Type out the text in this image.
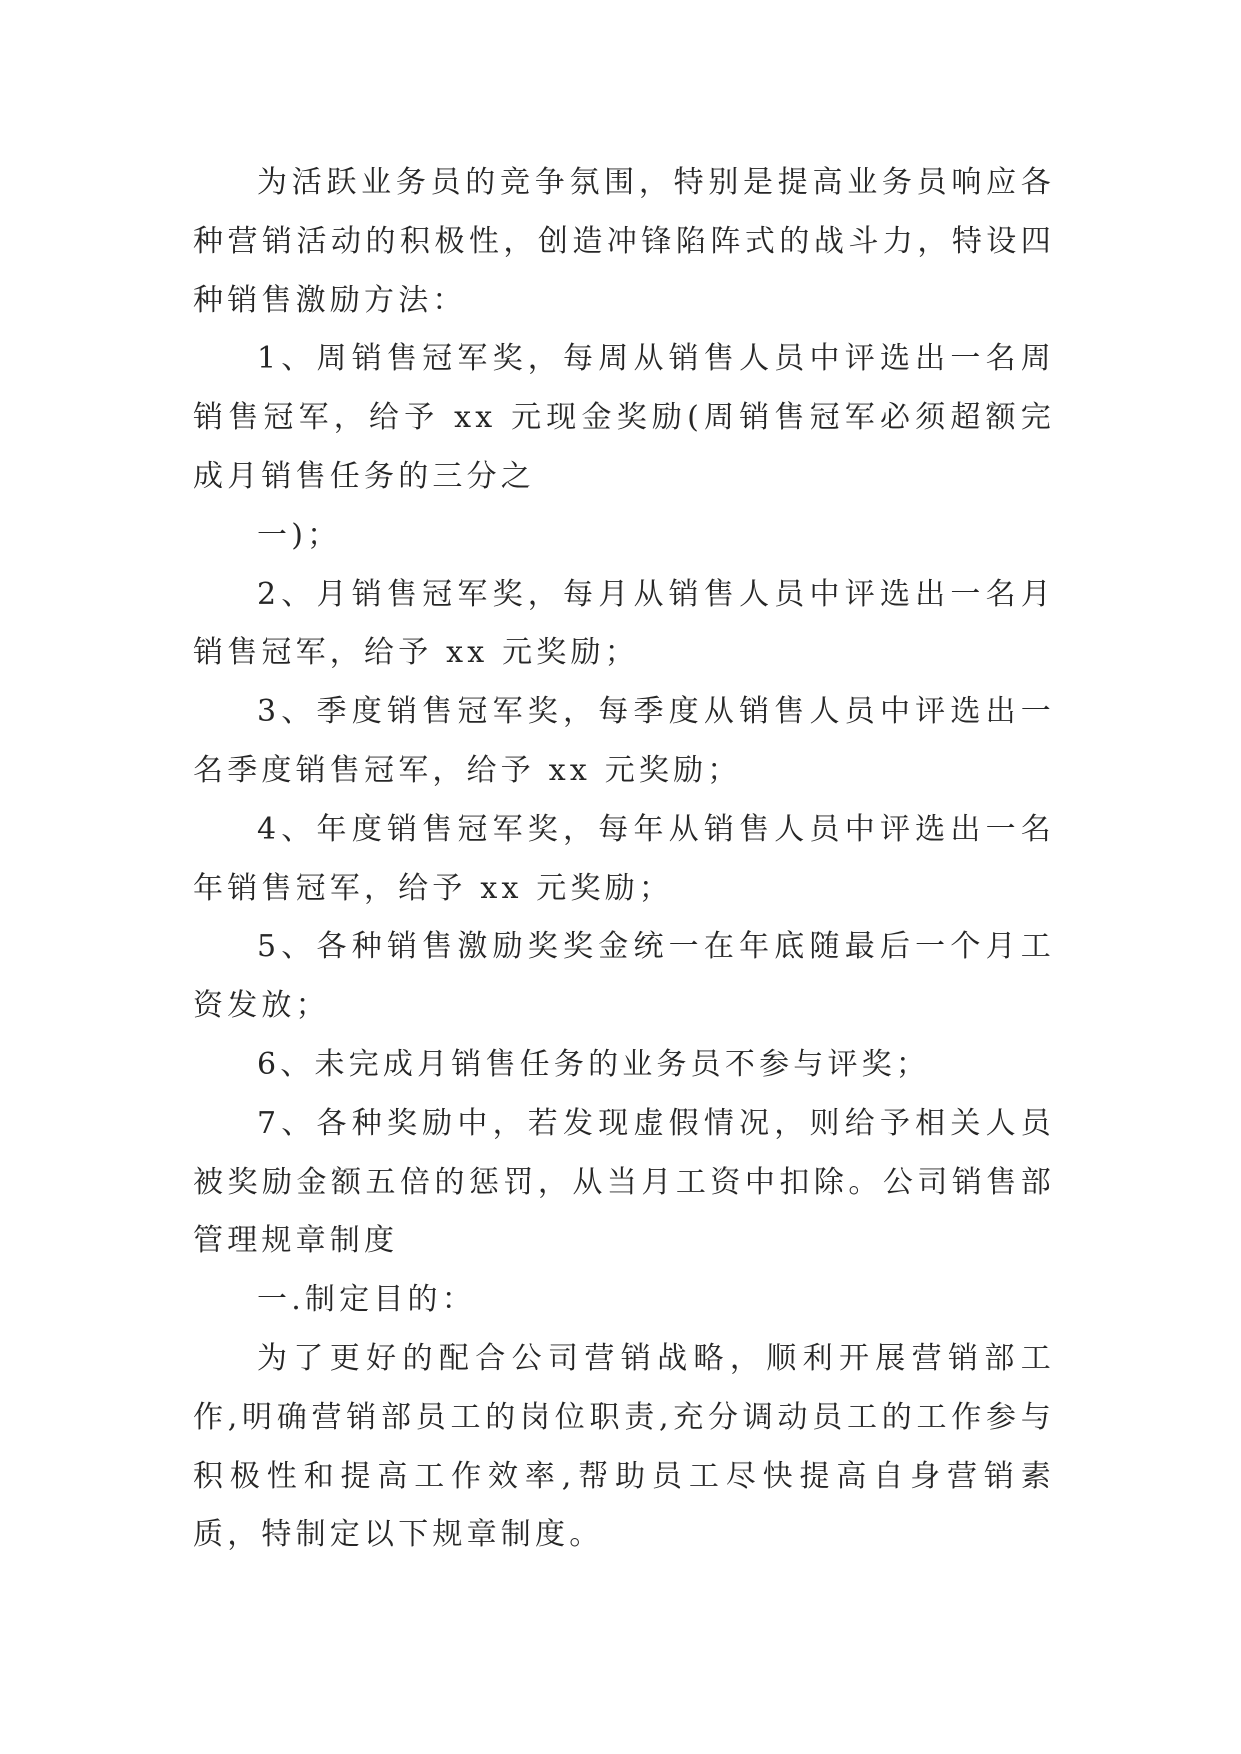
为活跃业务员的竞争氛围，特别是提高业务员响应各种营销活动的积极性，创造冲锋陷阵式的战斗力，特设四种销售激励方法：

1、周销售冠军奖，每周从销售人员中评选出一名周销售冠军，给予 xx 元现金奖励(周销售冠军必须超额完成月销售任务的三分之

一)；

2、月销售冠军奖，每月从销售人员中评选出一名月销售冠军，给予 xx 元奖励；

3、季度销售冠军奖，每季度从销售人员中评选出一名季度销售冠军，给予 xx 元奖励；

4、年度销售冠军奖，每年从销售人员中评选出一名年销售冠军，给予 xx 元奖励；

5、各种销售激励奖奖金统一在年底随最后一个月工资发放；

6、未完成月销售任务的业务员不参与评奖；

7、各种奖励中，若发现虚假情况，则给予相关人员被奖励金额五倍的惩罚，从当月工资中扣除。公司销售部管理规章制度

一.制定目的：

为了更好的配合公司营销战略，顺利开展营销部工作,明确营销部员工的岗位职责,充分调动员工的工作参与积极性和提高工作效率,帮助员工尽快提高自身营销素质，特制定以下规章制度。
